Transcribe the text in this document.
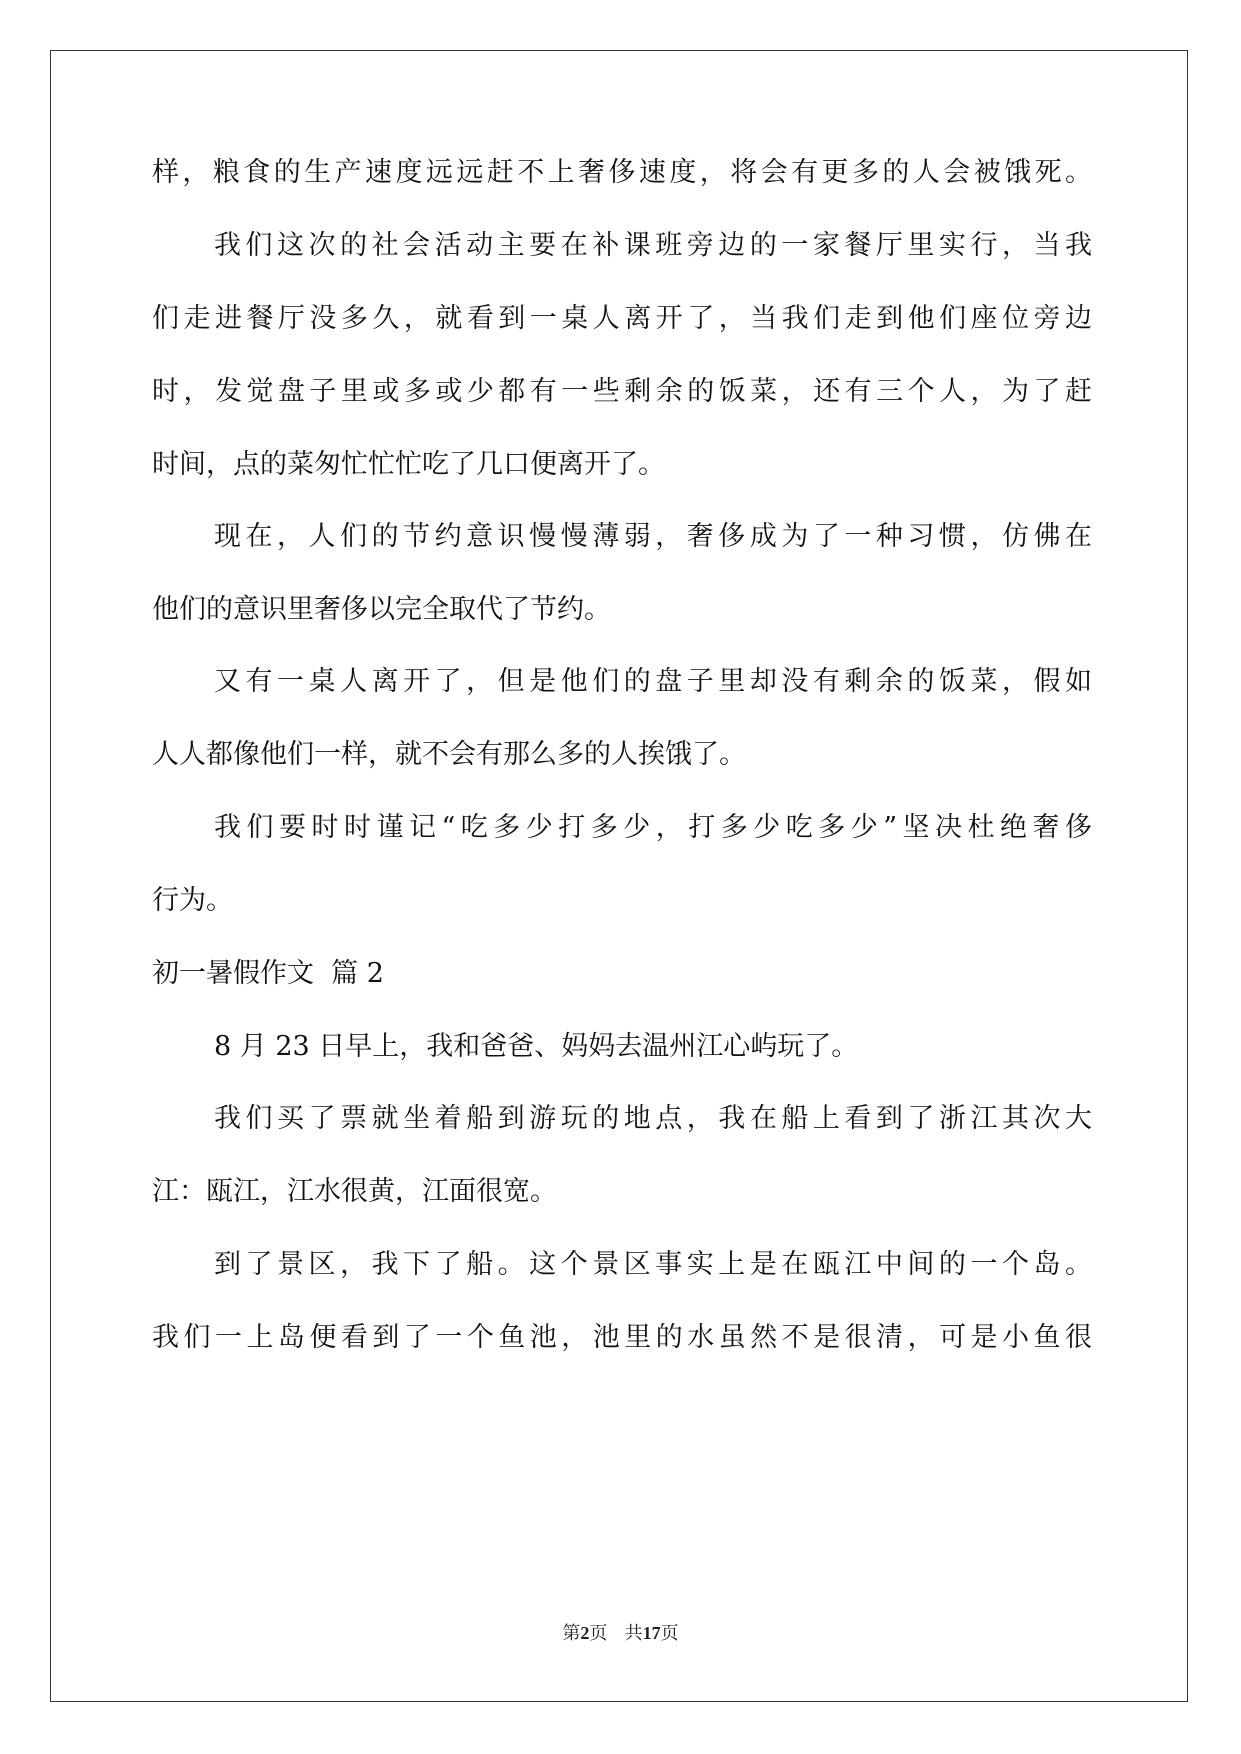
样，粮食的生产速度远远赶不上奢侈速度，将会有更多的人会被饿死。
我们这次的社会活动主要在补课班旁边的一家餐厅里实行，当我
们走进餐厅没多久，就看到一桌人离开了，当我们走到他们座位旁边
时，发觉盘子里或多或少都有一些剩余的饭菜，还有三个人，为了赶
时间，点的菜匆忙忙忙吃了几口便离开了。
现在，人们的节约意识慢慢薄弱，奢侈成为了一种习惯，仿佛在
他们的意识里奢侈以完全取代了节约。
又有一桌人离开了，但是他们的盘子里却没有剩余的饭菜，假如
人人都像他们一样，就不会有那么多的人挨饿了。
我们要时时谨记“吃多少打多少，打多少吃多少”坚决杜绝奢侈
行为。
初一暑假作文  篇 2
8 月 23 日早上，我和爸爸、妈妈去温州江心屿玩了。
我们买了票就坐着船到游玩的地点，我在船上看到了浙江其次大
江：瓯江，江水很黄，江面很宽。
到了景区，我下了船。这个景区事实上是在瓯江中间的一个岛。
我们一上岛便看到了一个鱼池，池里的水虽然不是很清，可是小鱼很
第2页 共17页
